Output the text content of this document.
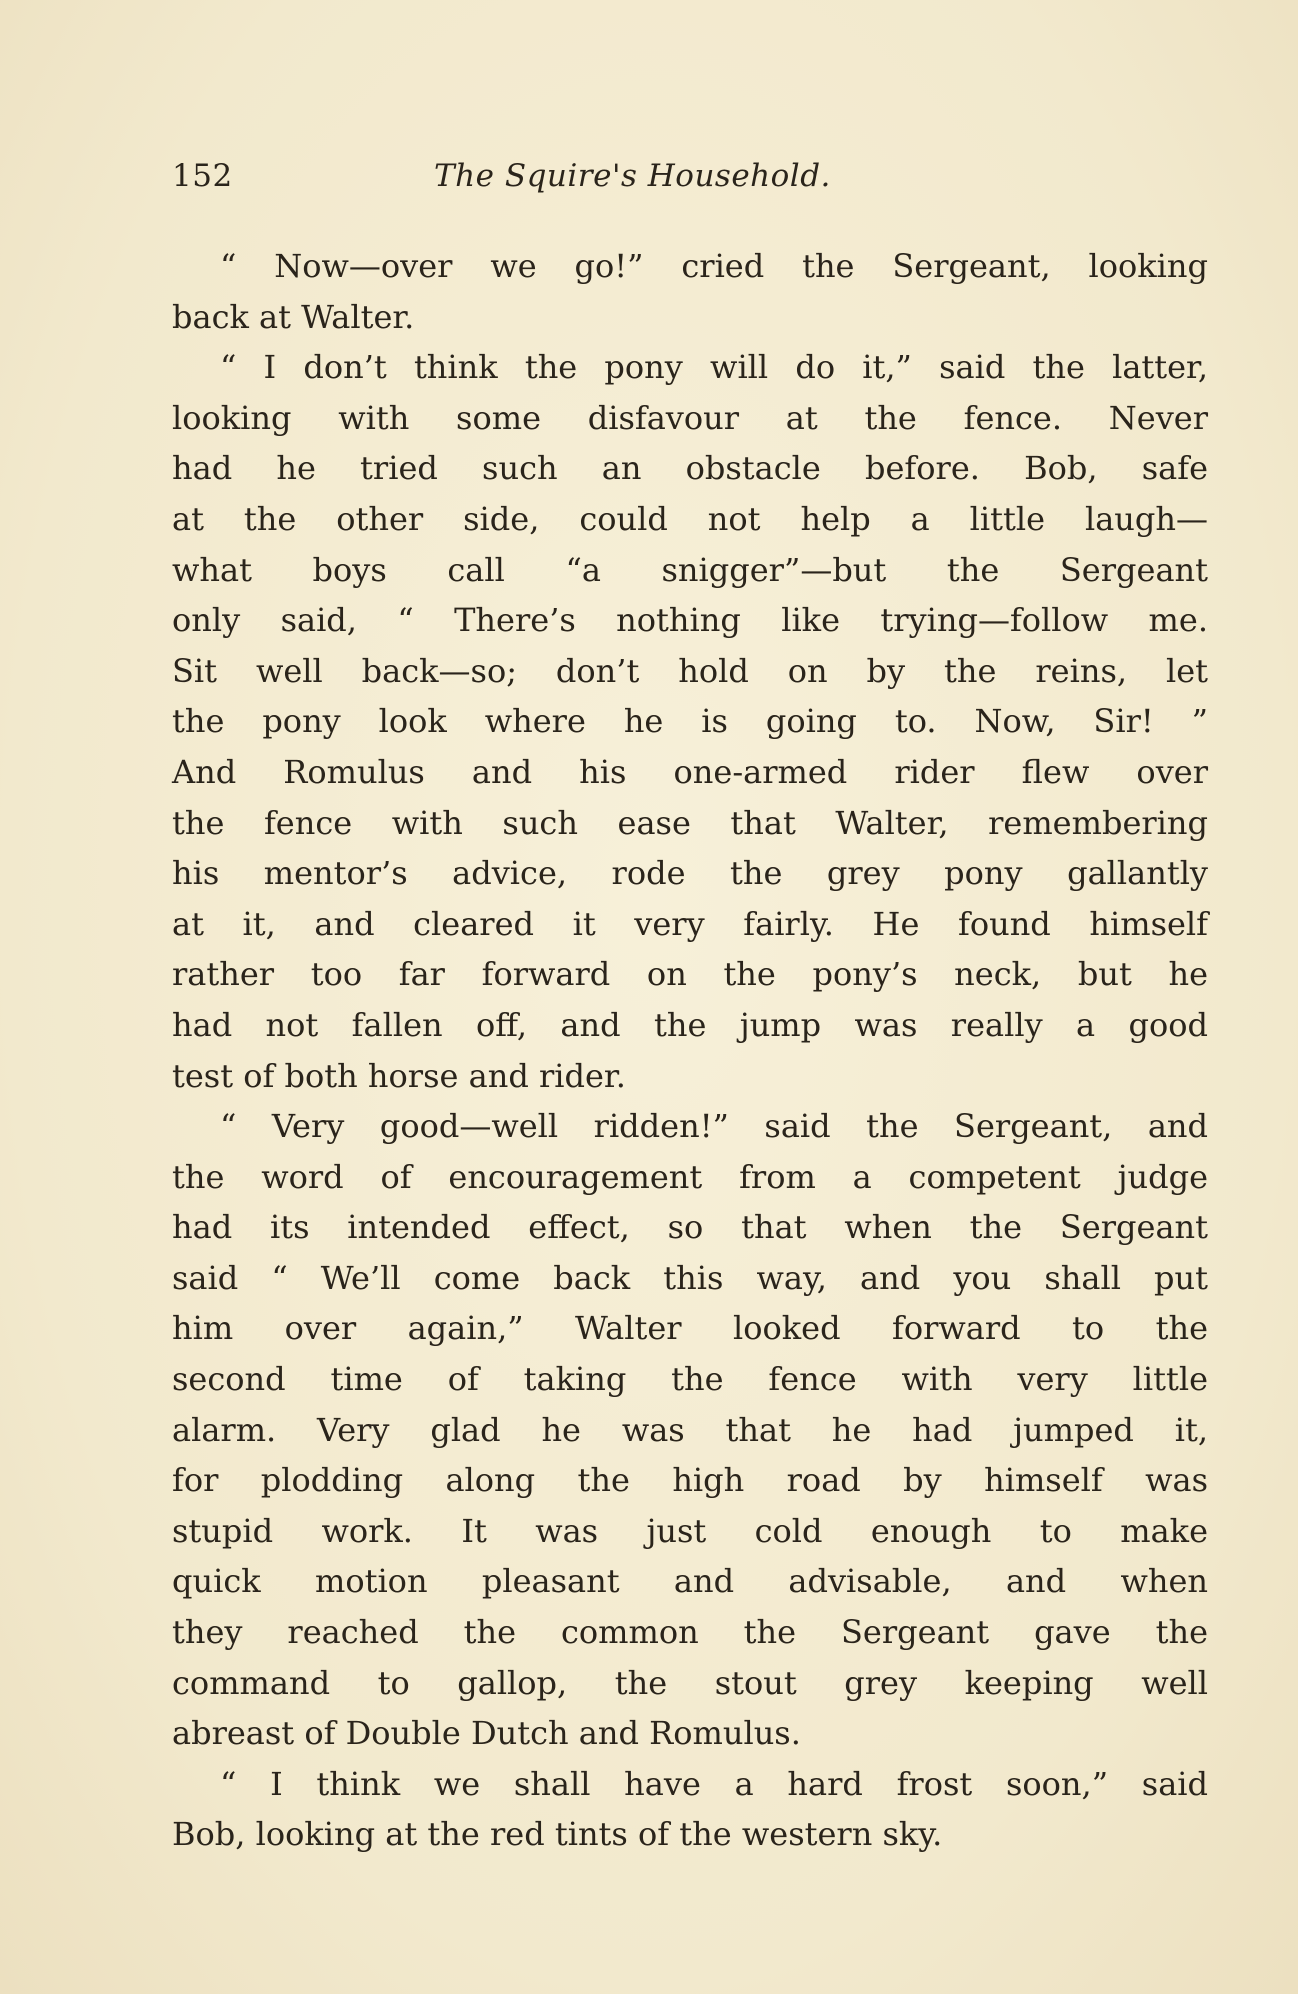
152	The Squire's Household.
“ Now—over we go!” cried the Sergeant, looking
back at Walter.
“ I don’t think the pony will do it,” said the latter,
looking with some disfavour at the fence. Never
had he tried such an obstacle before. Bob, safe
at the other side, could not help a little laugh—
what boys call “a snigger”—but the Sergeant
only said, “ There’s nothing like trying—follow me.
Sit well back—so; don’t hold on by the reins, let
the pony look where he is going to. Now, Sir! ”
And Romulus and his one-armed rider flew over
the fence with such ease that Walter, remembering
his mentor’s advice, rode the grey pony gallantly
at it, and cleared it very fairly. He found himself
rather too far forward on the pony’s neck, but he
had not fallen off, and the jump was really a good
test of both horse and rider.
“ Very good—well ridden!” said the Sergeant, and
the word of encouragement from a competent judge
had its intended effect, so that when the Sergeant
said “ We’ll come back this way, and you shall put
him over again,” Walter looked forward to the
second time of taking the fence with very little
alarm. Very glad he was that he had jumped it,
for plodding along the high road by himself was
stupid work. It was just cold enough to make
quick motion pleasant and advisable, and when
they reached the common the Sergeant gave the
command to gallop, the stout grey keeping well
abreast of Double Dutch and Romulus.
“ I think we shall have a hard frost soon,” said
Bob, looking at the red tints of the western sky.
